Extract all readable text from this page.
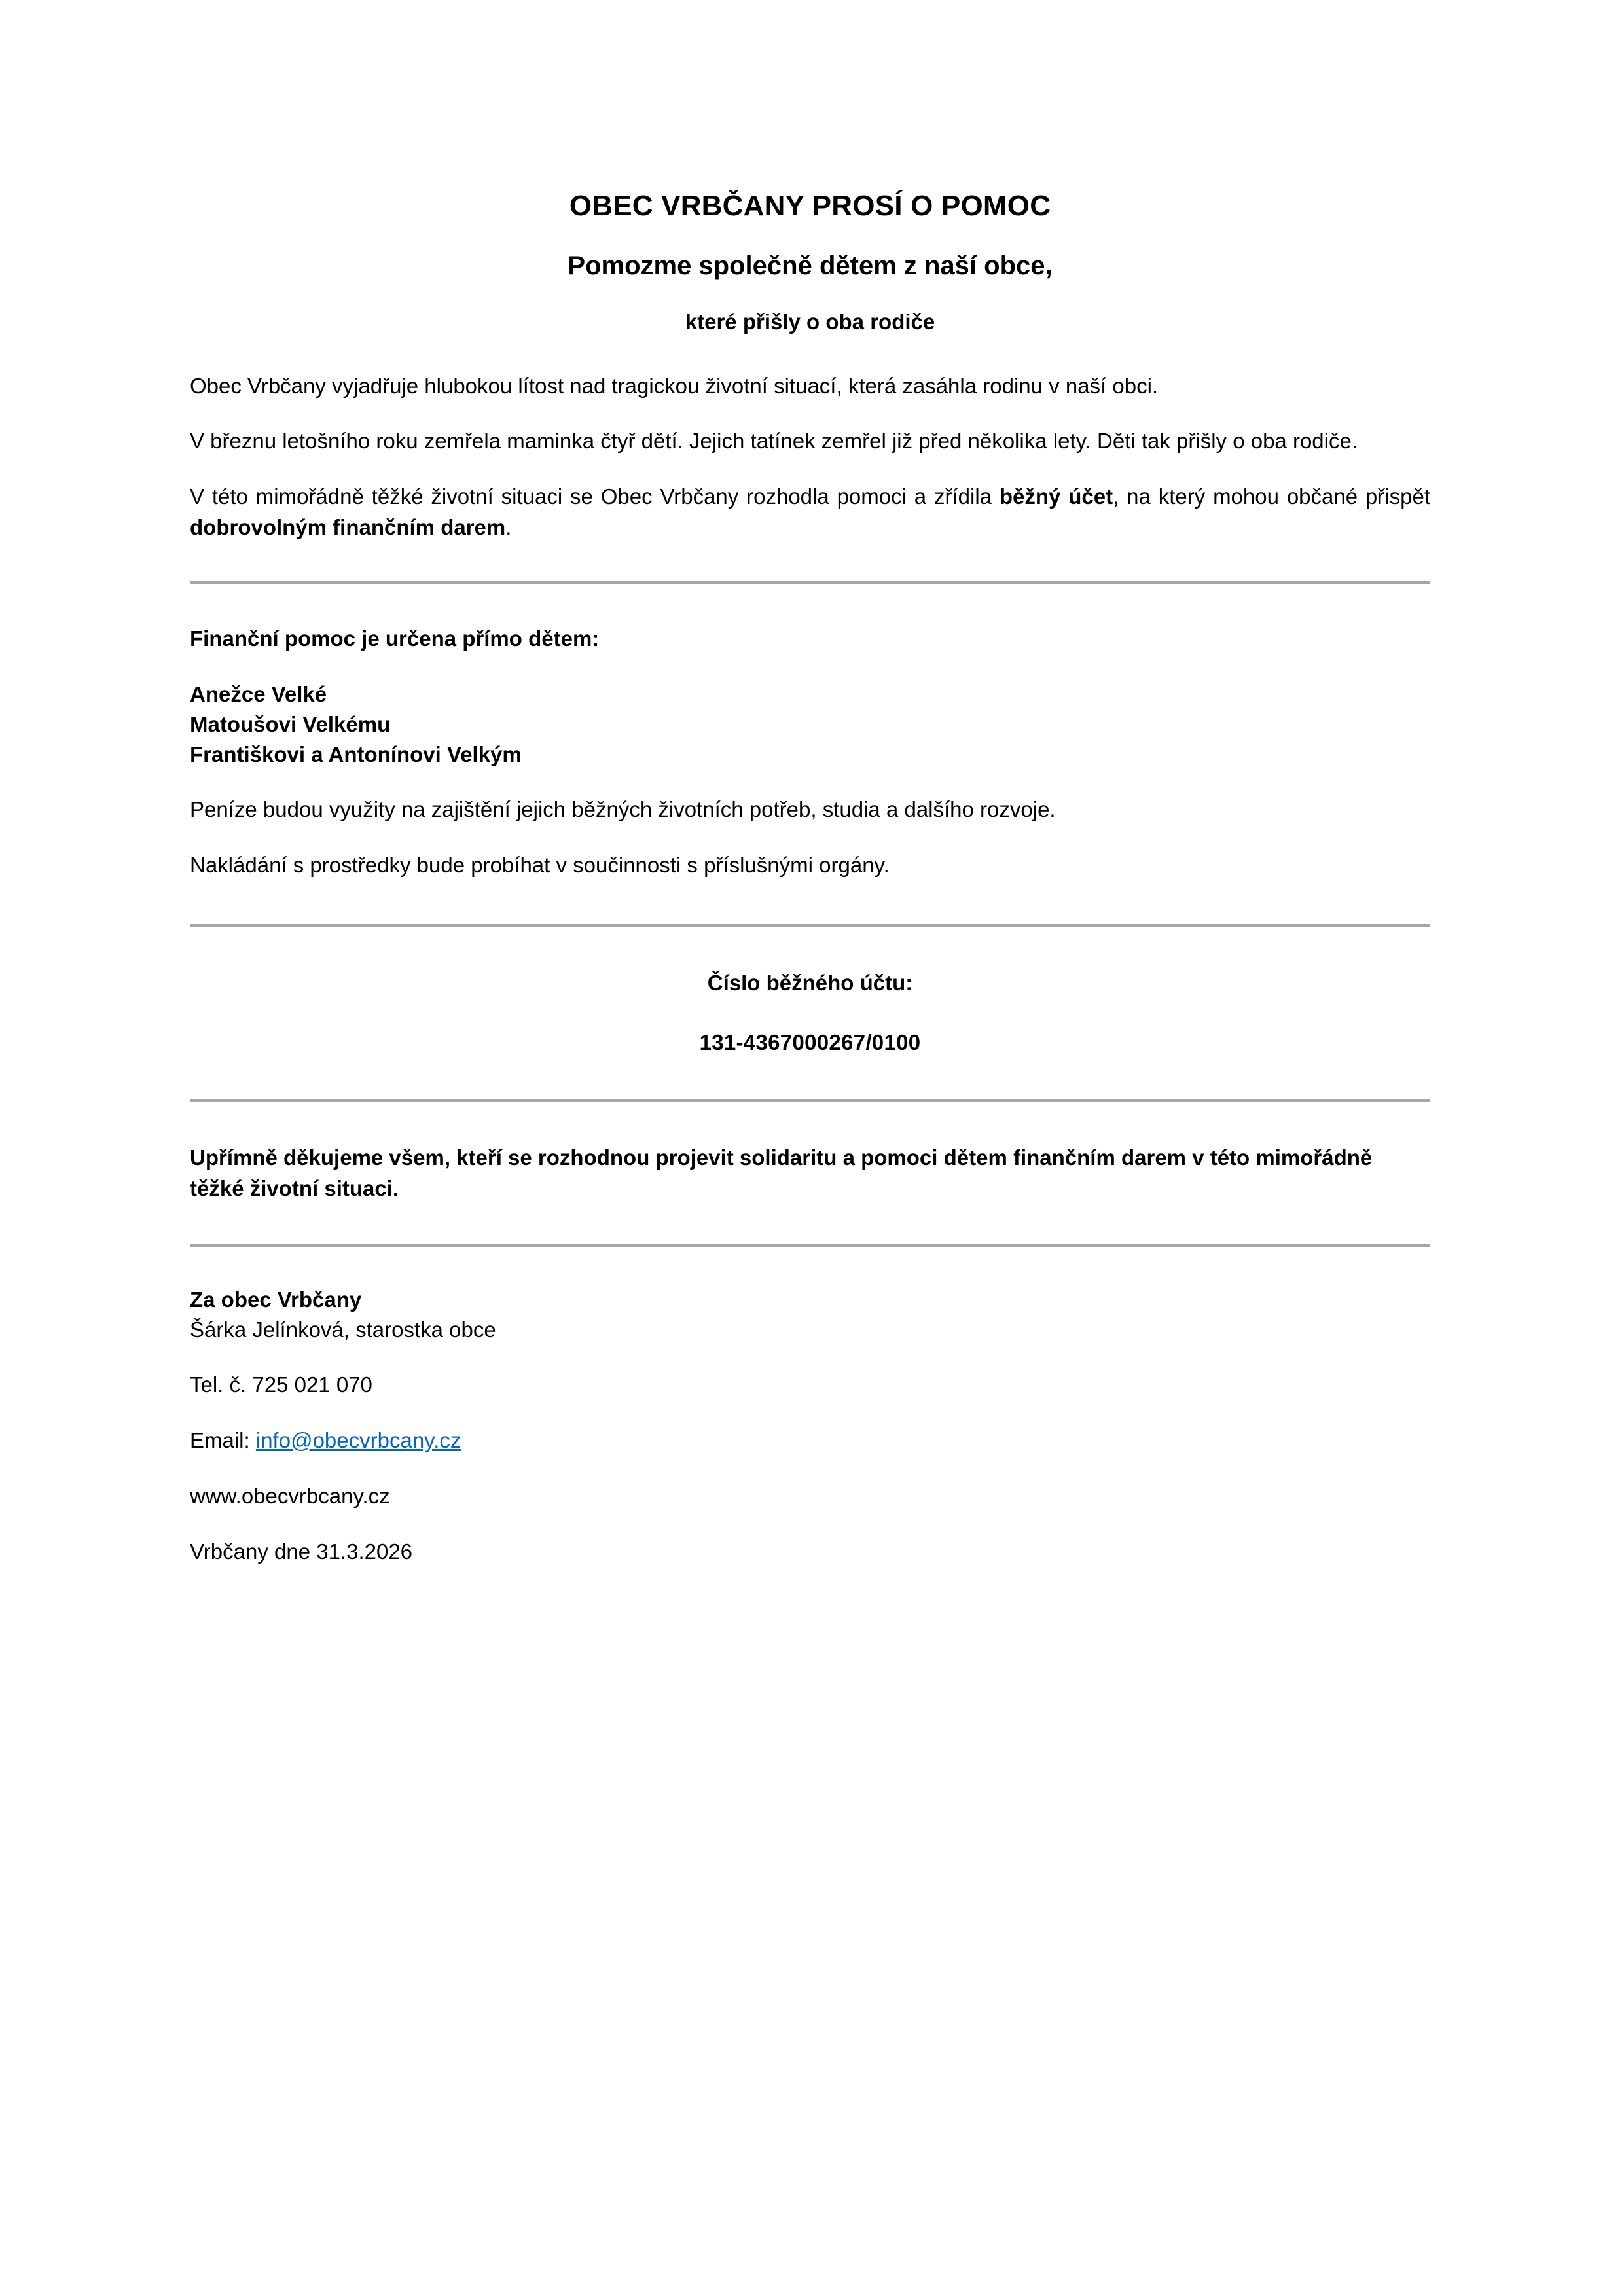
OBEC VRBČANY PROSÍ O POMOC
Pomozme společně dětem z naší obce,
které přišly o oba rodiče

Obec Vrbčany vyjadřuje hlubokou lítost nad tragickou životní situací, která zasáhla rodinu v naší obci.

V březnu letošního roku zemřela maminka čtyř dětí. Jejich tatínek zemřel již před několika lety. Děti tak přišly o oba rodiče.

V této mimořádně těžké životní situaci se Obec Vrbčany rozhodla pomoci a zřídila běžný účet, na který mohou občané přispět dobrovolným finančním darem.

Finanční pomoc je určena přímo dětem:

Anežce Velké
Matoušovi Velkému
Františkovi a Antonínovi Velkým

Peníze budou využity na zajištění jejich běžných životních potřeb, studia a dalšího rozvoje.

Nakládání s prostředky bude probíhat v součinnosti s příslušnými orgány.

Číslo běžného účtu:

131-4367000267/0100

Upřímně děkujeme všem, kteří se rozhodnou projevit solidaritu a pomoci dětem finančním darem v této mimořádně těžké životní situaci.

Za obec Vrbčany
Šárka Jelínková, starostka obce

Tel. č. 725 021 070

Email: info@obecvrbcany.cz

www.obecvrbcany.cz

Vrbčany dne 31.3.2026
